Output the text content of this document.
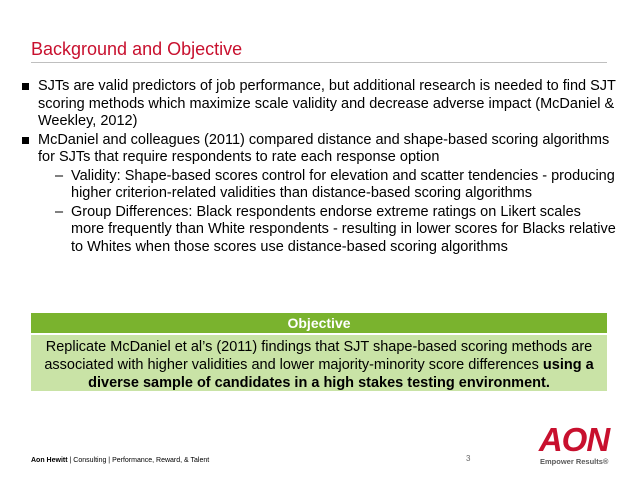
Background and Objective
SJTs are valid predictors of job performance, but additional research is needed to find SJT scoring methods which maximize scale validity and decrease adverse impact (McDaniel & Weekley, 2012)
McDaniel and colleagues (2011) compared distance and shape-based scoring algorithms for SJTs that require respondents to rate each response option
– Validity: Shape-based scores control for elevation and scatter tendencies - producing higher criterion-related validities than distance-based scoring algorithms
– Group Differences: Black respondents endorse extreme ratings on Likert scales more frequently than White respondents - resulting in lower scores for Blacks relative to Whites when those scores use distance-based scoring algorithms
Objective
Replicate McDaniel et al’s (2011) findings that SJT shape-based scoring methods are associated with higher validities and lower majority-minority score differences using a diverse sample of candidates in a high stakes testing environment.
Aon Hewitt | Consulting | Performance, Reward, & Talent	3
AON
Empower Results®
